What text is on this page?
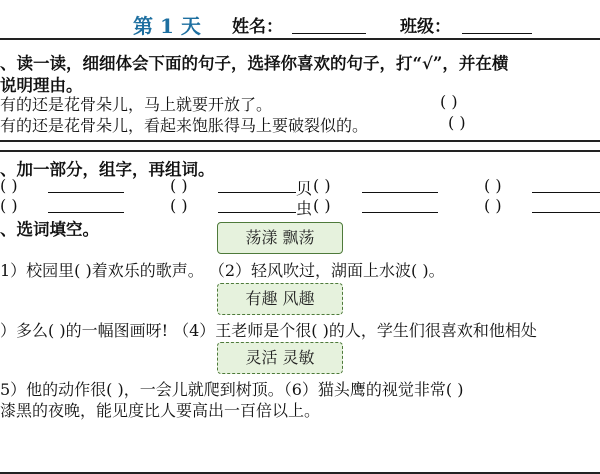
第 1 天 姓名：	班级：
、读一读，细细体会下面的句子，选择你喜欢的句子，打“√”，并在横
说明理由。
有的还是花骨朵儿，马上就要开放了。	( )
有的还是花骨朵儿，看起来饱胀得马上要破裂似的。	( )
、加一部分，组字，再组词。
( )	( )	贝 ( )	( )
( )	( )	虫 ( )	( )
、选词填空。	荡漾 飘荡
1）校园里( )着欢乐的歌声。 （2）轻风吹过，湖面上水波( )。
有趣 风趣
）多么( )的一幅图画呀! （4）王老师是个很( )的人，学生们很喜欢和他相处
灵活 灵敏
5）他的动作很( )，一会儿就爬到树顶。（6）猫头鹰的视觉非常( )
漆黑的夜晚，能见度比人要高出一百倍以上。
